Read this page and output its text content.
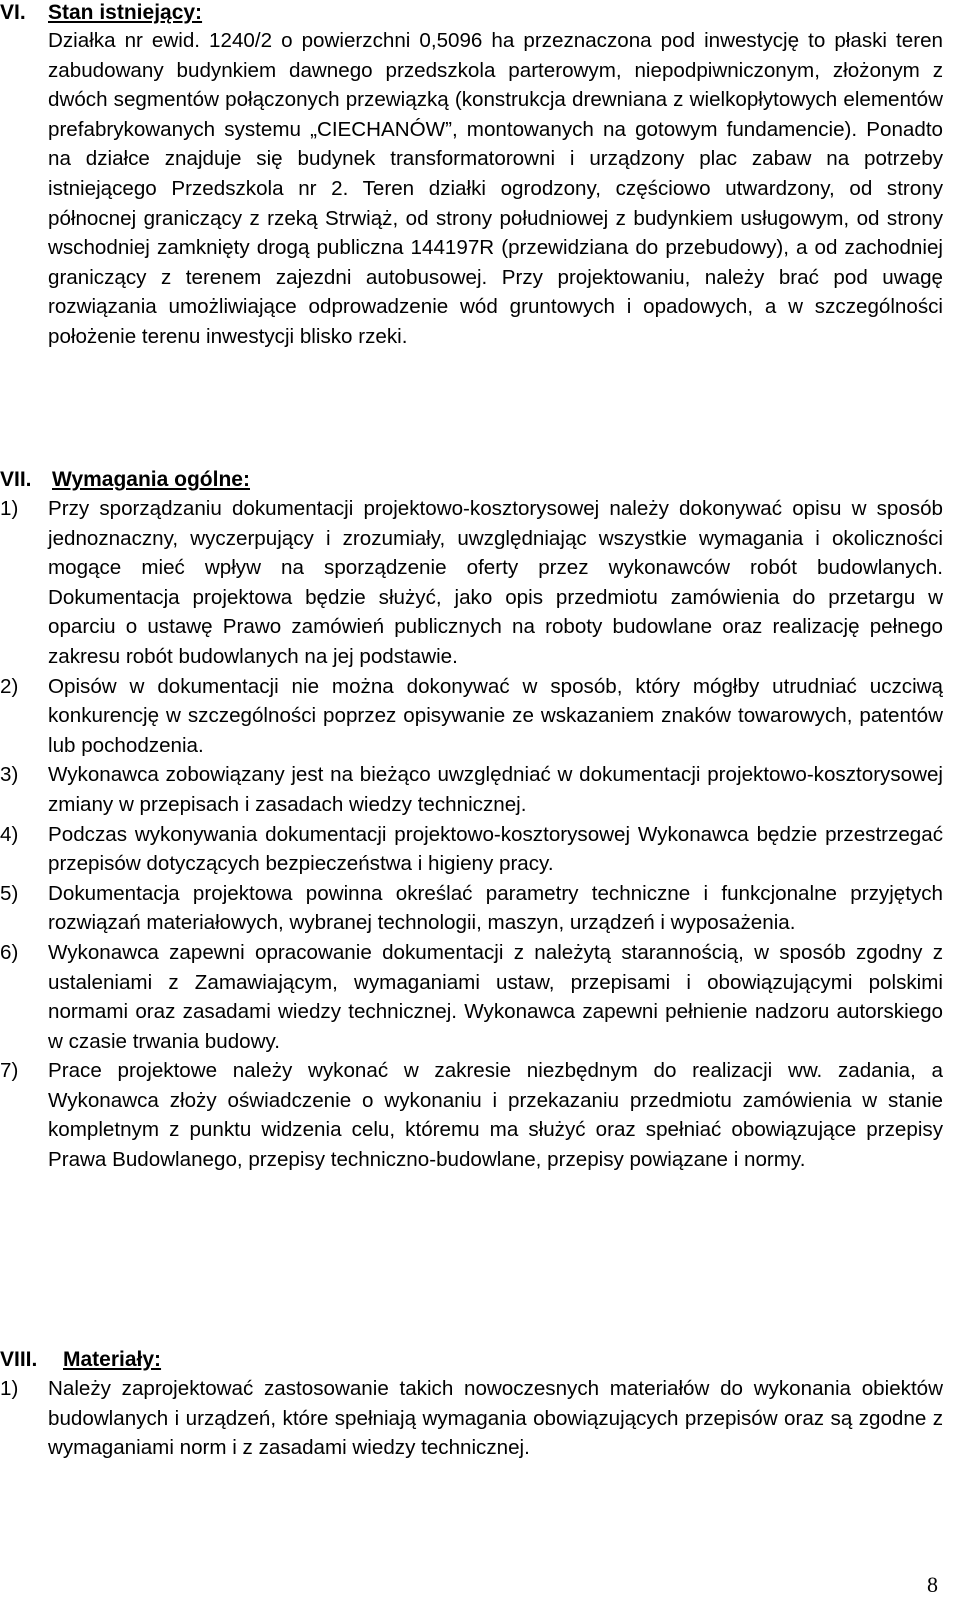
VI. Stan istniejący:
Działka nr ewid. 1240/2 o powierzchni 0,5096 ha przeznaczona pod inwestycję to płaski teren zabudowany budynkiem dawnego przedszkola parterowym, niepodpiwniczonym, złożonym z dwóch segmentów połączonych przewiązką (konstrukcja drewniana z wielkopłytowych elementów prefabrykowanych systemu „CIECHANÓW”, montowanych na gotowym fundamencie). Ponadto na działce znajduje się budynek transformatorowni i urządzony plac zabaw na potrzeby istniejącego Przedszkola nr 2. Teren działki ogrodzony, częściowo utwardzony, od strony północnej graniczący z rzeką Strwiąż, od strony południowej z budynkiem usługowym, od strony wschodniej zamknięty drogą publiczna 144197R (przewidziana do przebudowy), a od zachodniej graniczący z terenem zajezdni autobusowej. Przy projektowaniu, należy brać pod uwagę rozwiązania umożliwiające odprowadzenie wód gruntowych i opadowych, a w szczególności położenie terenu inwestycji blisko rzeki.
VII. Wymagania ogólne:
1) Przy sporządzaniu dokumentacji projektowo-kosztorysowej należy dokonywać opisu w sposób jednoznaczny, wyczerpujący i zrozumiały, uwzględniając wszystkie wymagania i okoliczności mogące mieć wpływ na sporządzenie oferty przez wykonawców robót budowlanych. Dokumentacja projektowa będzie służyć, jako opis przedmiotu zamówienia do przetargu w oparciu o ustawę Prawo zamówień publicznych na roboty budowlane oraz realizację pełnego zakresu robót budowlanych na jej podstawie.
2) Opisów w dokumentacji nie można dokonywać w sposób, który mógłby utrudniać uczciwą konkurencję w szczególności poprzez opisywanie ze wskazaniem znaków towarowych, patentów lub pochodzenia.
3) Wykonawca zobowiązany jest na bieżąco uwzględniać w dokumentacji projektowo-kosztorysowej zmiany w przepisach i zasadach wiedzy technicznej.
4) Podczas wykonywania dokumentacji projektowo-kosztorysowej Wykonawca będzie przestrzegać przepisów dotyczących bezpieczeństwa i higieny pracy.
5) Dokumentacja projektowa powinna określać parametry techniczne i funkcjonalne przyjętych rozwiązań materiałowych, wybranej technologii, maszyn, urządzeń i wyposażenia.
6) Wykonawca zapewni opracowanie dokumentacji z należytą starannością, w sposób zgodny z ustaleniami z Zamawiającym, wymaganiami ustaw, przepisami i obowiązującymi polskimi normami oraz zasadami wiedzy technicznej. Wykonawca zapewni pełnienie nadzoru autorskiego w czasie trwania budowy.
7) Prace projektowe należy wykonać w zakresie niezbędnym do realizacji ww. zadania, a Wykonawca złoży oświadczenie o wykonaniu i przekazaniu przedmiotu zamówienia w stanie kompletnym z punktu widzenia celu, któremu ma służyć oraz spełniać obowiązujące przepisy Prawa Budowlanego, przepisy techniczno-budowlane, przepisy powiązane i normy.
VIII. Materiały:
1) Należy zaprojektować zastosowanie takich nowoczesnych materiałów do wykonania obiektów budowlanych i urządzeń, które spełniają wymagania obowiązujących przepisów oraz są zgodne z wymaganiami norm i z zasadami wiedzy technicznej.
8
